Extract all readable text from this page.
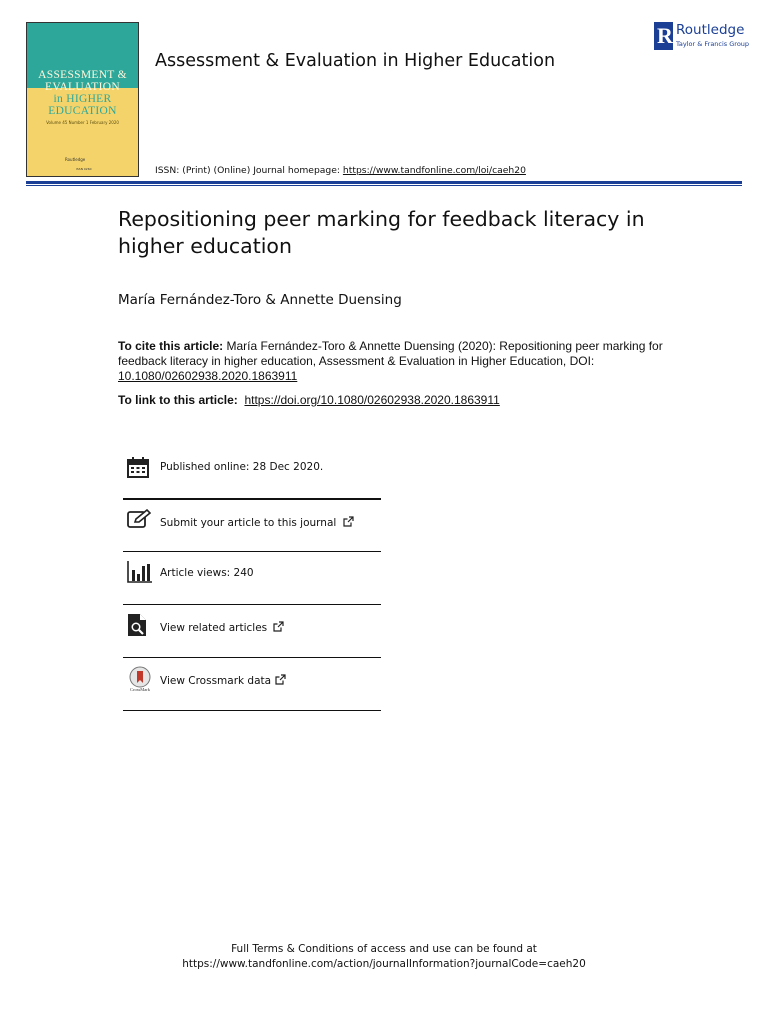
ASSESSMENT &
EVALUATION
in HIGHER
EDUCATION
Volume 45 Number 1 February 2020
Routledge
ISSN 0260
Assessment & Evaluation in Higher Education
ISSN: (Print) (Online) Journal homepage: https://www.tandfonline.com/loi/caeh20
R Routledge
Taylor & Francis Group
Repositioning peer marking for feedback literacy in higher education
María Fernández-Toro & Annette Duensing
To cite this article: María Fernández-Toro & Annette Duensing (2020): Repositioning peer marking for feedback literacy in higher education, Assessment & Evaluation in Higher Education, DOI: 10.1080/02602938.2020.1863911
To link to this article: https://doi.org/10.1080/02602938.2020.1863911
Published online: 28 Dec 2020.
Submit your article to this journal
Article views: 240
View related articles
CrossMark
View Crossmark data
Full Terms & Conditions of access and use can be found at
https://www.tandfonline.com/action/journalInformation?journalCode=caeh20
